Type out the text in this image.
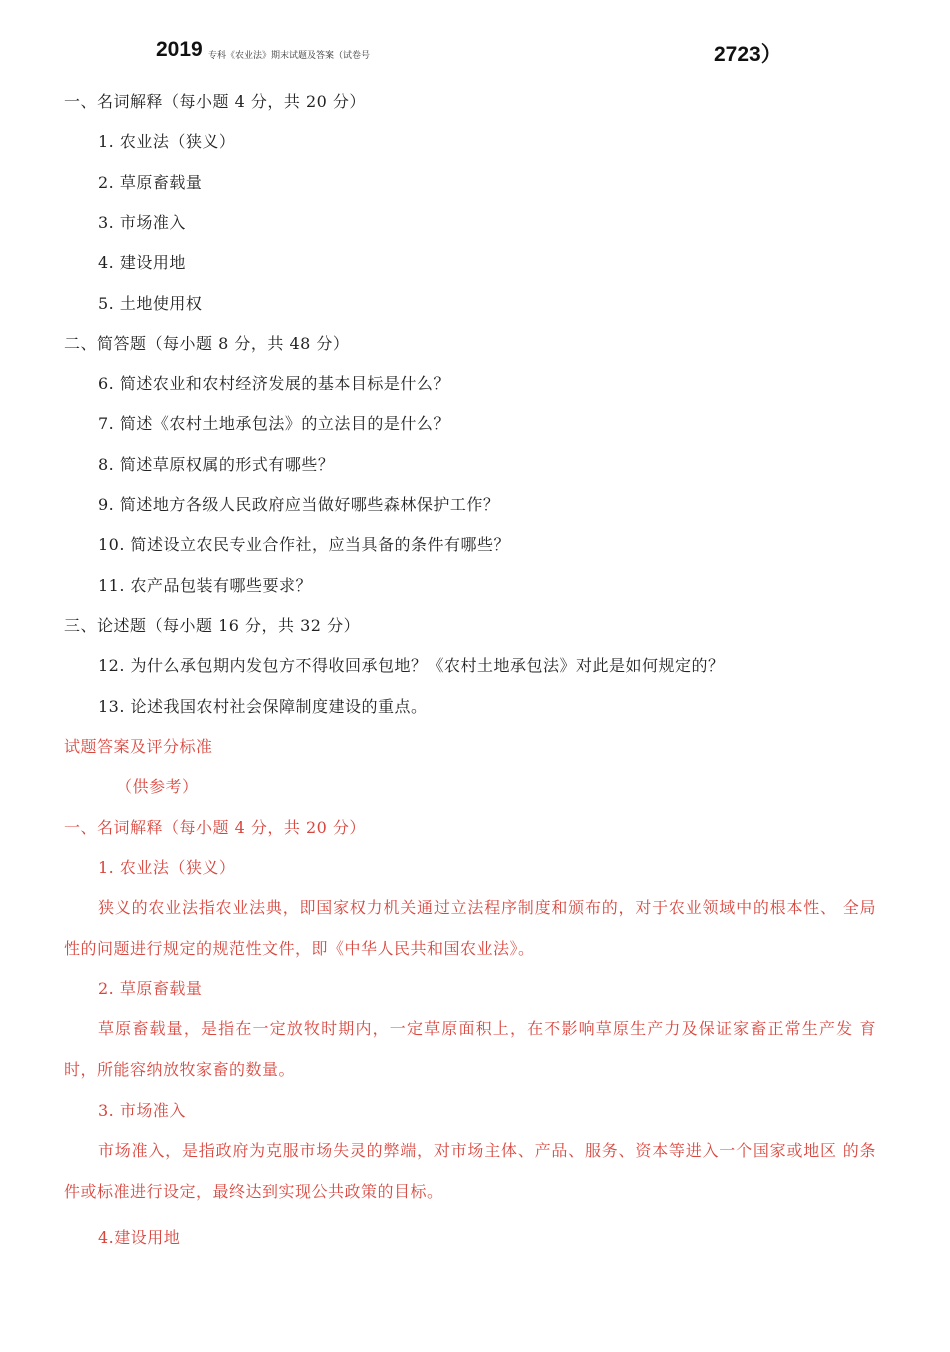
2019 专科《农业法》期末试题及答案（试卷号	2723）
一、名词解释（每小题 4 分，共 20 分）
1. 农业法（狭义）
2. 草原畜载量
3. 市场准入
4. 建设用地
5. 土地使用权
二、简答题（每小题 8 分，共 48 分）
6. 简述农业和农村经济发展的基本目标是什么？
7. 简述《农村土地承包法》的立法目的是什么？
8. 简述草原权属的形式有哪些？
9. 简述地方各级人民政府应当做好哪些森林保护工作？
10. 简述设立农民专业合作社，应当具备的条件有哪些？
11. 农产品包装有哪些要求？
三、论述题（每小题 16 分，共 32 分）
12. 为什么承包期内发包方不得收回承包地？《农村土地承包法》对此是如何规定的？
13. 论述我国农村社会保障制度建设的重点。
试题答案及评分标准
（供参考）
一、名词解释（每小题 4 分，共 20 分）
1. 农业法（狭义）
狭义的农业法指农业法典，即国家权力机关通过立法程序制度和颁布的，对于农业领域中的根本性、 全局性的问题进行规定的规范性文件，即《中华人民共和国农业法》。
2. 草原畜载量
草原畜载量，是指在一定放牧时期内，一定草原面积上，在不影响草原生产力及保证家畜正常生产发 育时，所能容纳放牧家畜的数量。
3. 市场准入
市场准入，是指政府为克服市场失灵的弊端，对市场主体、产品、服务、资本等进入一个国家或地区 的条件或标准进行设定，最终达到实现公共政策的目标。
4.建设用地
